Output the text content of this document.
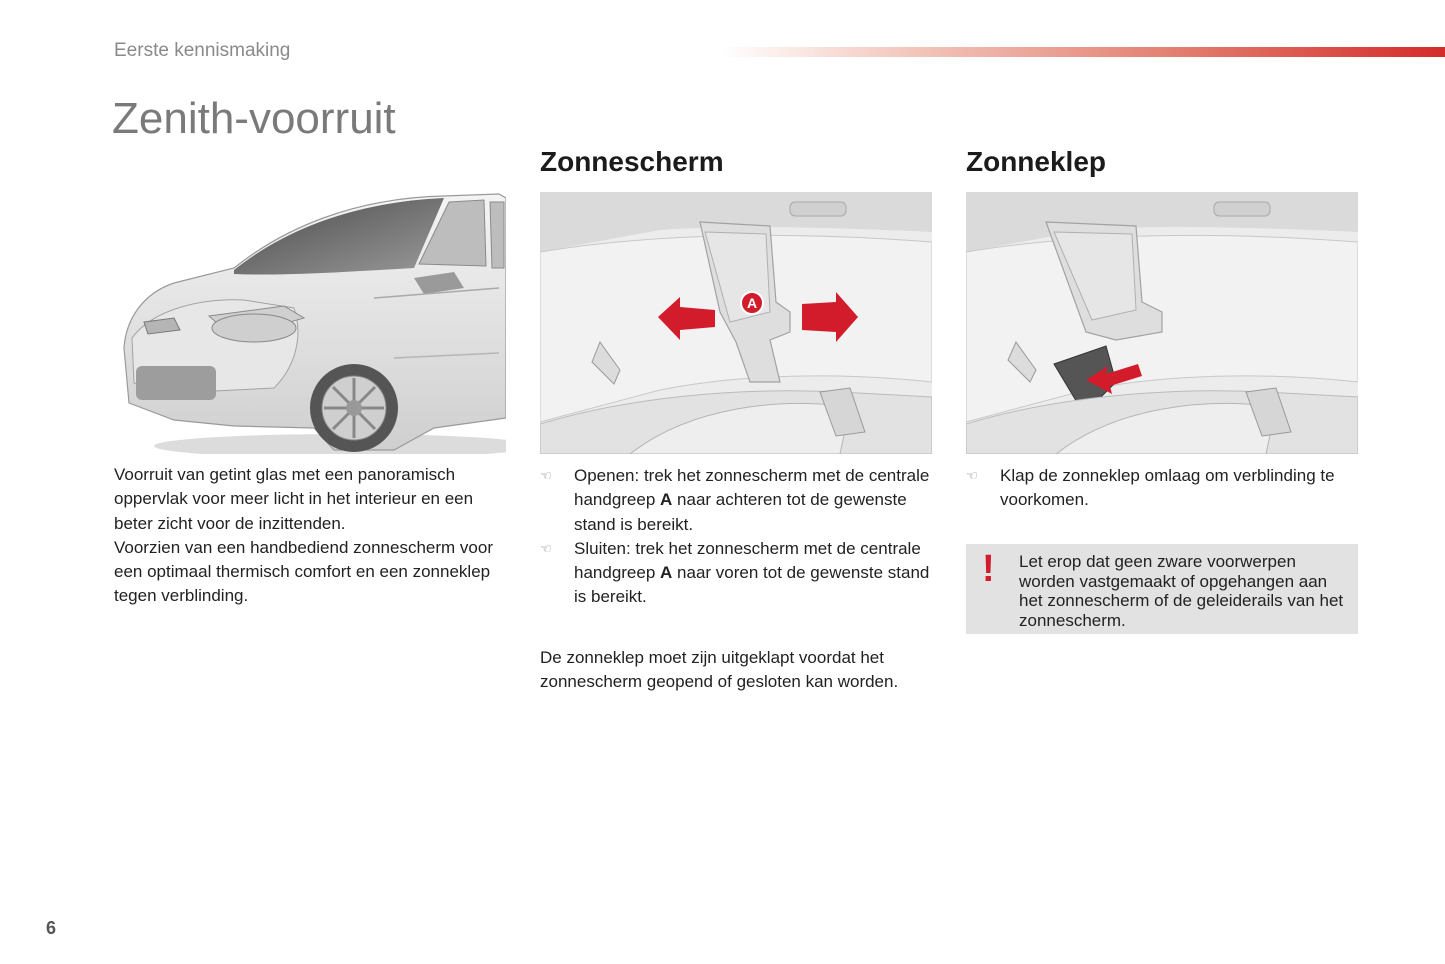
Eerste kennismaking
Zenith-voorruit
Voorruit van getint glas met een panoramisch oppervlak voor meer licht in het interieur en een beter zicht voor de inzittenden.
Voorzien van een handbediend zonnescherm voor een optimaal thermisch comfort en een zonneklep tegen verblinding.
Zonnescherm
A
☜	Openen: trek het zonnescherm met de centrale handgreep A naar achteren tot de gewenste stand is bereikt.
☜	Sluiten: trek het zonnescherm met de centrale handgreep A naar voren tot de gewenste stand is bereikt.
De zonneklep moet zijn uitgeklapt voordat het zonnescherm geopend of gesloten kan worden.
Zonneklep
☜	Klap de zonneklep omlaag om verblinding te voorkomen.
! Let erop dat geen zware voorwerpen worden vastgemaakt of opgehangen aan het zonnescherm of de geleiderails van het zonnescherm.
6
